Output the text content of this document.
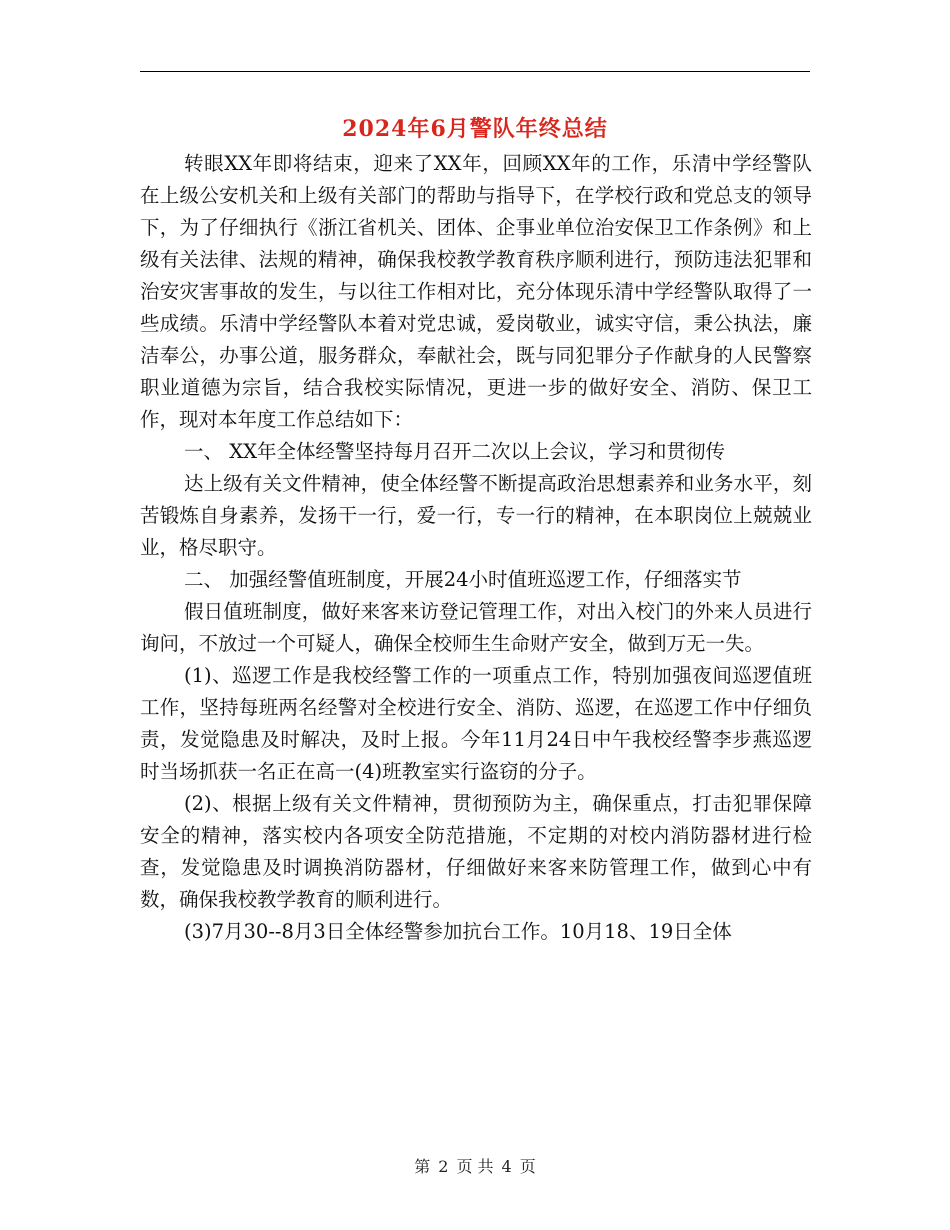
2024年6月警队年终总结

转眼XX年即将结束，迎来了XX年，回顾XX年的工作，乐清中学经警队在上级公安机关和上级有关部门的帮助与指导下，在学校行政和党总支的领导下，为了仔细执行《浙江省机关、团体、企事业单位治安保卫工作条例》和上级有关法律、法规的精神，确保我校教学教育秩序顺利进行，预防违法犯罪和治安灾害事故的发生，与以往工作相对比，充分体现乐清中学经警队取得了一些成绩。乐清中学经警队本着对党忠诚，爱岗敬业，诚实守信，秉公执法，廉洁奉公，办事公道，服务群众，奉献社会，既与同犯罪分子作献身的人民警察职业道德为宗旨，结合我校实际情况，更进一步的做好安全、消防、保卫工作，现对本年度工作总结如下：

一、 XX年全体经警坚持每月召开二次以上会议，学习和贯彻传

达上级有关文件精神，使全体经警不断提高政治思想素养和业务水平，刻苦锻炼自身素养，发扬干一行，爱一行，专一行的精神，在本职岗位上兢兢业业，格尽职守。

二、 加强经警值班制度，开展24小时值班巡逻工作，仔细落实节

假日值班制度，做好来客来访登记管理工作，对出入校门的外来人员进行询问，不放过一个可疑人，确保全校师生生命财产安全，做到万无一失。

(1)、巡逻工作是我校经警工作的一项重点工作，特别加强夜间巡逻值班工作，坚持每班两名经警对全校进行安全、消防、巡逻，在巡逻工作中仔细负责，发觉隐患及时解决，及时上报。今年11月24日中午我校经警李步燕巡逻时当场抓获一名正在高一(4)班教室实行盗窃的分子。

(2)、根据上级有关文件精神，贯彻预防为主，确保重点，打击犯罪保障安全的精神，落实校内各项安全防范措施，不定期的对校内消防器材进行检查，发觉隐患及时调换消防器材，仔细做好来客来防管理工作，做到心中有数，确保我校教学教育的顺利进行。

(3)7月30--8月3日全体经警参加抗台工作。10月18、19日全体

第 2 页 共 4 页
